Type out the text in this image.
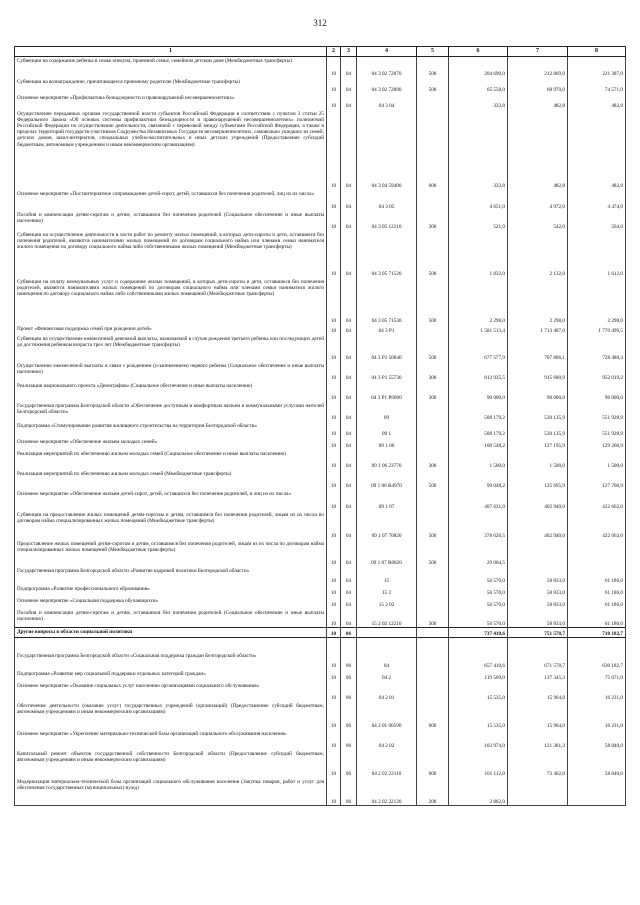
312
1	2	3	4	5	6	7	8
Субвенции на содержание ребенка в семье опекуна, приемной семье, семейном детском доме (Межбюджетные трансферты)	10	04	04 3 02 72870	500	204 690,0	212 869,0	221 387,0
Субвенции на вознаграждение, причитающееся приемному родителю (Межбюджетные трансферты)	10	04	04 3 02 72890	500	65 558,0	68 970,0	74 571,0
Основное мероприятие «Профилактика безнадзорности и правонарушений несовершеннолетних»	10	04	04 3 04		333,8	482,8	482,8
Осуществление переданных органам государственной власти субъектов Российской Федерации в соответствии с пунктом 3 статьи 25 Федерального Закона «Об основах системы профилактики безнадзорности и правонарушений несовершеннолетних» полномочий Российской Федерации по осуществлению деятельности, связанной с перевозкой между субъектами Российской Федерации, а также в пределах территорий государств-участников Содружества Независимых Государств несовершеннолетних, самовольно ушедших из семей, детских домов, школ-интернатов, специальных учебно-воспитательных и иных детских учреждений (Предоставление субсидий бюджетным, автономным учреждениям и иным некоммерческим организациям)	10	04	04 3 04 59400	600	333,8	482,8	482,8
Основное мероприятие «Постинтернатное сопровождение детей-сирот, детей, оставшихся без попечения родителей, лиц из их числа»	10	04	04 3 05		4 651,0	4 972,0	4 474,0
Пособия и компенсации детям-сиротам и детям, оставшимся без попечения родителей (Социальное обеспечение и иные выплаты населению)	10	04	04 3 05 12210	300	521,0	542,0	564,0
Субвенции на осуществление деятельности в части работ по ремонту жилых помещений, в которых дети-сироты и дети, оставшиеся без попечения родителей, являются нанимателями жилых помещений по договорам социального найма или членами семьи нанимателя жилого помещения по договору социального найма либо собственниками жилых помещений (Межбюджетные трансферты)	10	04	04 3 05 71520	500	1 832,0	2 132,0	1 612,0
Субвенции на оплату коммунальных услуг и содержание жилых помещений, в которых дети-сироты и дети, оставшиеся без попечения родителей, являются нанимателями жилых помещений по договорам социального найма или членами семьи нанимателя жилого помещения по договору социального найма либо собственниками жилых помещений (Межбюджетные трансферты)	10	04	04 3 05 71530	500	2 298,0	2 298,0	2 298,0
Проект «Финансовая поддержка семей при рождении детей»	10	04	04 3 P1		1 581 513,4	1 713 487,0	1 770 499,5
Субвенции на осуществление ежемесячной денежной выплаты, назначаемой в случае рождения третьего ребенка или последующих детей до достижения ребенком возраста трех лет (Межбюджетные трансферты)	10	04	04 3 P1 50840	500	677 577,9	707 806,1	728 480,3
Осуществление ежемесячной выплаты в связи с рождением (усыновлением) первого ребенка (Социальное обеспечение и иные выплаты населению)	10	04	04 3 P1 55730	300	813 935,5	915 680,9	952 019,2
Реализация национального проекта «Демография» (Социальное обеспечение и иные выплаты населению)	10	04	04 3 P1 P0000	300	90 000,0	90 000,0	90 000,0
Государственная программа Белгородской области «Обеспечение доступным и комфортным жильем и коммунальными услугами жителей Белгородской области»	10	04	09		508 179,2	530 135,9	551 928,9
Подпрограмма «Стимулирование развития жилищного строительства на территории Белгородской области»	10	04	09 1		508 179,2	530 135,9	551 928,9
Основное мероприятие «Обеспечение жильем молодых семей»	10	04	09 1 06		100 548,2	127 195,9	129 266,9
Реализация мероприятий по обеспечению жильем молодых семей (Социальное обеспечение и иные выплаты населению)	10	04	09 1 06 23770	300	1 500,0	1 500,0	1 500,0
Реализация мероприятий по обеспечению жильем молодых семей (Межбюджетные трансферты)	10	04	09 1 06 R4970	500	99 048,2	125 695,9	127 766,9
Основное мероприятие «Обеспечение жильем детей-сирот, детей, оставшихся без попечения родителей, и лиц из их числа»	10	04	09 1 07		407 631,0	402 940,0	422 662,0
Субвенции на предоставление жилых помещений детям-сиротам и детям, оставшимся без попечения родителей, лицам из их числа по договорам найма специализированных жилых помещений (Межбюджетные трансферты)	10	04	09 1 07 70820	500	378 626,5	402 940,0	422 662,0
Предоставление жилых помещений детям-сиротам и детям, оставшимся без попечения родителей, лицам из их числа по договорам найма специализированных жилых помещений (Межбюджетные трансферты)	10	04	09 1 07 R0820	500	29 004,5		
Государственная программа Белгородской области «Развитие кадровой политики Белгородской области»	10	04	15		56 570,0	58 833,0	61 186,0
Подпрограмма «Развитие профессионального образования»	10	04	15 2		56 570,0	58 833,0	61 186,0
Основное мероприятие «Социальная поддержка обучающихся»	10	04	15 2 02		56 570,0	58 833,0	61 186,0
Пособия и компенсации детям-сиротам и детям, оставшимся без попечения родителей (Социальное обеспечение и иные выплаты населению)	10	04	15 2 02 12210	300	56 570,0	58 833,0	61 186,0
Другие вопросы в области социальной политики	10	06			737 410,6	751 578,7	710 182,7

Государственная программа Белгородской области «Социальная поддержка граждан Белгородской области»	10	06	04		657 410,6	671 578,7	630 182,7
Подпрограмма «Развитие мер социальной поддержки отдельных категорий граждан»	10	06	04 2		119 509,0	137 345,3	75 071,0
Основное мероприятие «Оказание социальных услуг населению организациями социального обслуживания»	10	06	04 2 01		15 535,0	15 964,0	16 231,0
Обеспечение деятельности (оказание услуг) государственных учреждений (организаций) (Предоставление субсидий бюджетным, автономным учреждениям и иным некоммерческим организациям)	10	06	04 2 01 00590	600	15 535,0	15 964,0	16 231,0
Основное мероприятие «Укрепление материально-технической базы организаций социального обслуживания населения»	10	06	04 2 02		103 974,0	121 381,3	58 840,0
Капитальный ремонт объектов государственной собственности Белгородской области (Предоставление субсидий бюджетным, автономным учреждениям и иным некоммерческим организациям)	10	06	04 2 02 22110	600	101 112,0	73 402,0	58 840,0
Модернизация материально-технической базы организаций социального обслуживания населения (Закупка товаров, работ и услуг для обеспечения государственных (муниципальных) нужд)	10	06	04 2 02 22120	200	2 862,0		
